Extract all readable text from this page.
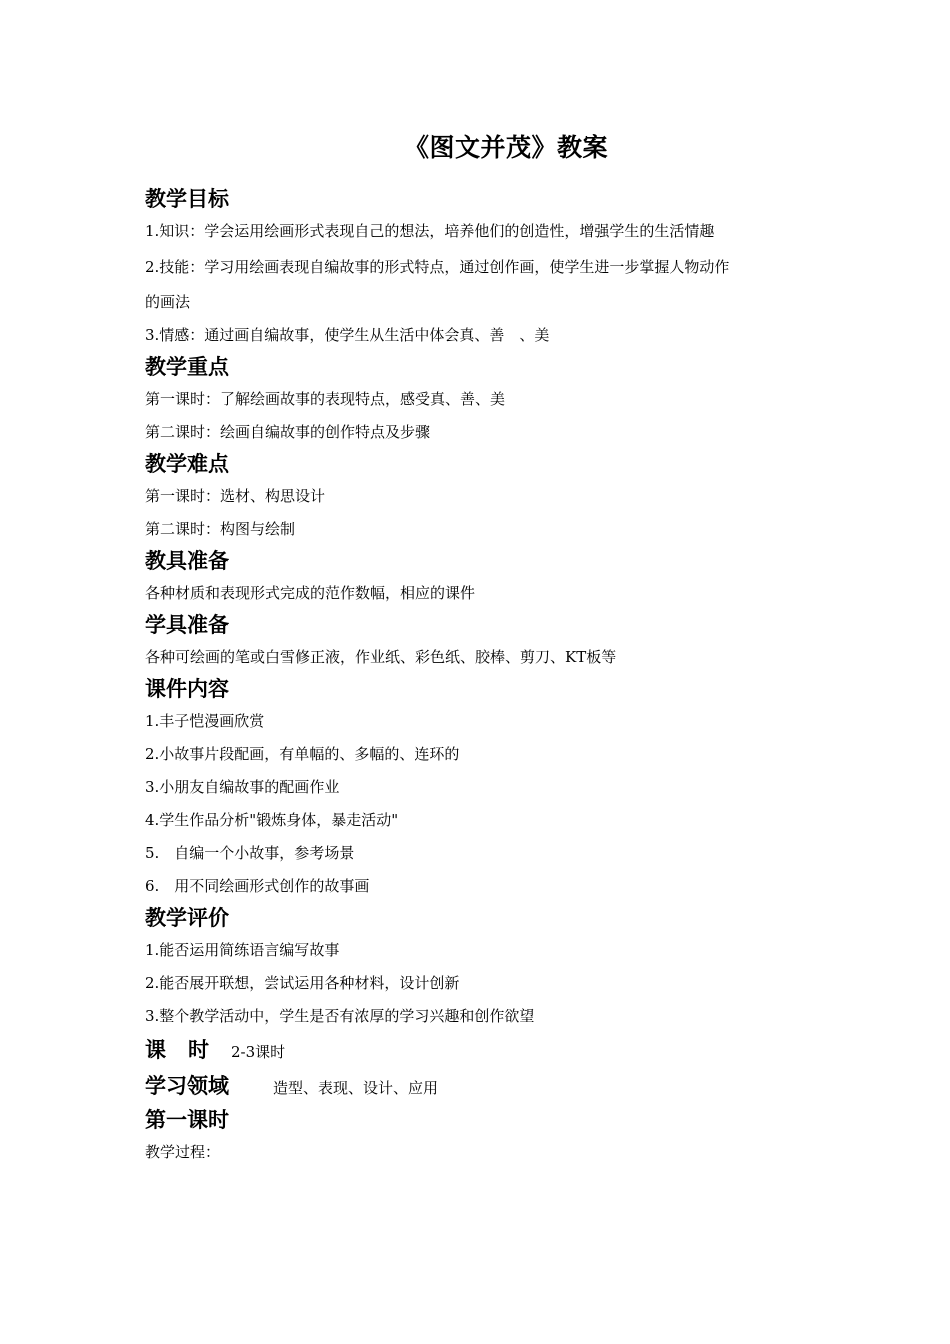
《图文并茂》教案
教学目标
1.知识：学会运用绘画形式表现自己的想法，培养他们的创造性，增强学生的生活情趣
2.技能：学习用绘画表现自编故事的形式特点，通过创作画，使学生进一步掌握人物动作
的画法
3.情感：通过画自编故事，使学生从生活中体会真、善　、美
教学重点
第一课时：了解绘画故事的表现特点，感受真、善、美
第二课时：绘画自编故事的创作特点及步骤
教学难点
第一课时：选材、构思设计
第二课时：构图与绘制
教具准备
各种材质和表现形式完成的范作数幅，相应的课件
学具准备
各种可绘画的笔或白雪修正液，作业纸、彩色纸、胶棒、剪刀、KT板等
课件内容
1.丰子恺漫画欣赏
2.小故事片段配画，有单幅的、多幅的、连环的
3.小朋友自编故事的配画作业
4.学生作品分析"锻炼身体，暴走活动"
5.　自编一个小故事，参考场景
6.　用不同绘画形式创作的故事画
教学评价
1.能否运用简练语言编写故事
2.能否展开联想，尝试运用各种材料，设计创新
3.整个教学活动中，学生是否有浓厚的学习兴趣和创作欲望
课时2-3课时
学习领域	造型、表现、设计、应用
第一课时
教学过程：
